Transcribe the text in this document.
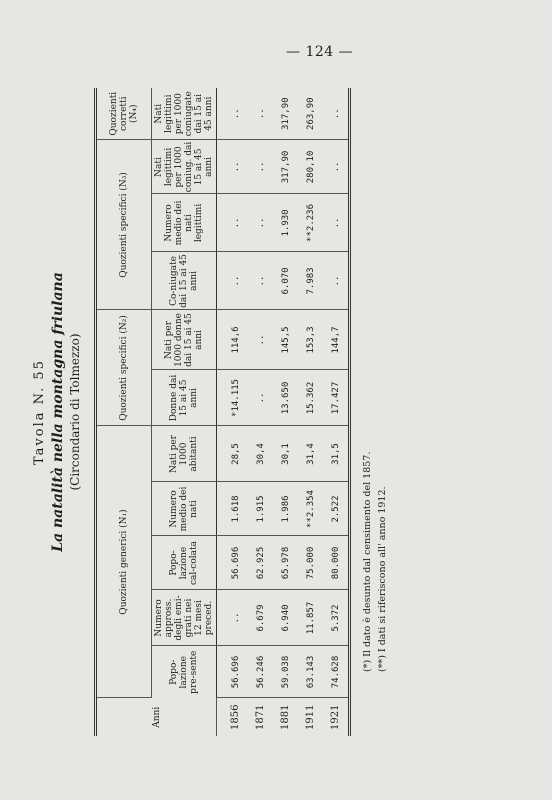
— 124 —
Tavola N. 55 La natalità nella montagna friulana (Circondario di Tolmezzo)
Anni	Quozienti generici (N₁)					Quozienti specifici (N₂)		Quozienti specifici (N₃)			Quozienti corretti (N₄)
	Popo-lazione pre-sente	Numero appross. degli emi-grati nei 12 mesi preced.	Popo-lazione cal-colata	Numero medio dei nati	Nati per 1000 abitanti	Donne dai 15 ai 45 anni	Nati per 1000 donne dai 15 ai 45 anni	Co-niugate dai 15 ai 45 anni	Numero medio dei nati legittimi	Nati legittimi per 1000 coniug. dai 15 ai 45 anni	Nati legittimi per 1000 coniugate dai 15 ai 45 anni
1856	56.696	..	56.696	1.618	28,5	*14.115	114,6	..	..	..	..
1871	56.246	6.679	62.925	1.915	30,4	..	..	..	..	..	..
1881	59.038	6.940	65.978	1.986	30,1	13.650	145,5	6.070	1.930	317,90	317,90
1911	63.143	11.857	75.000	**2.354	31,4	15.362	153,3	7.983	**2.236	280,10	263,90
1921	74.628	5.372	80.000	2.522	31,5	17.427	144,7	..	..	..	..
(*) Il dato è desunto dal censimento del 1857. (**) I dati si riferiscono all' anno 1912.
